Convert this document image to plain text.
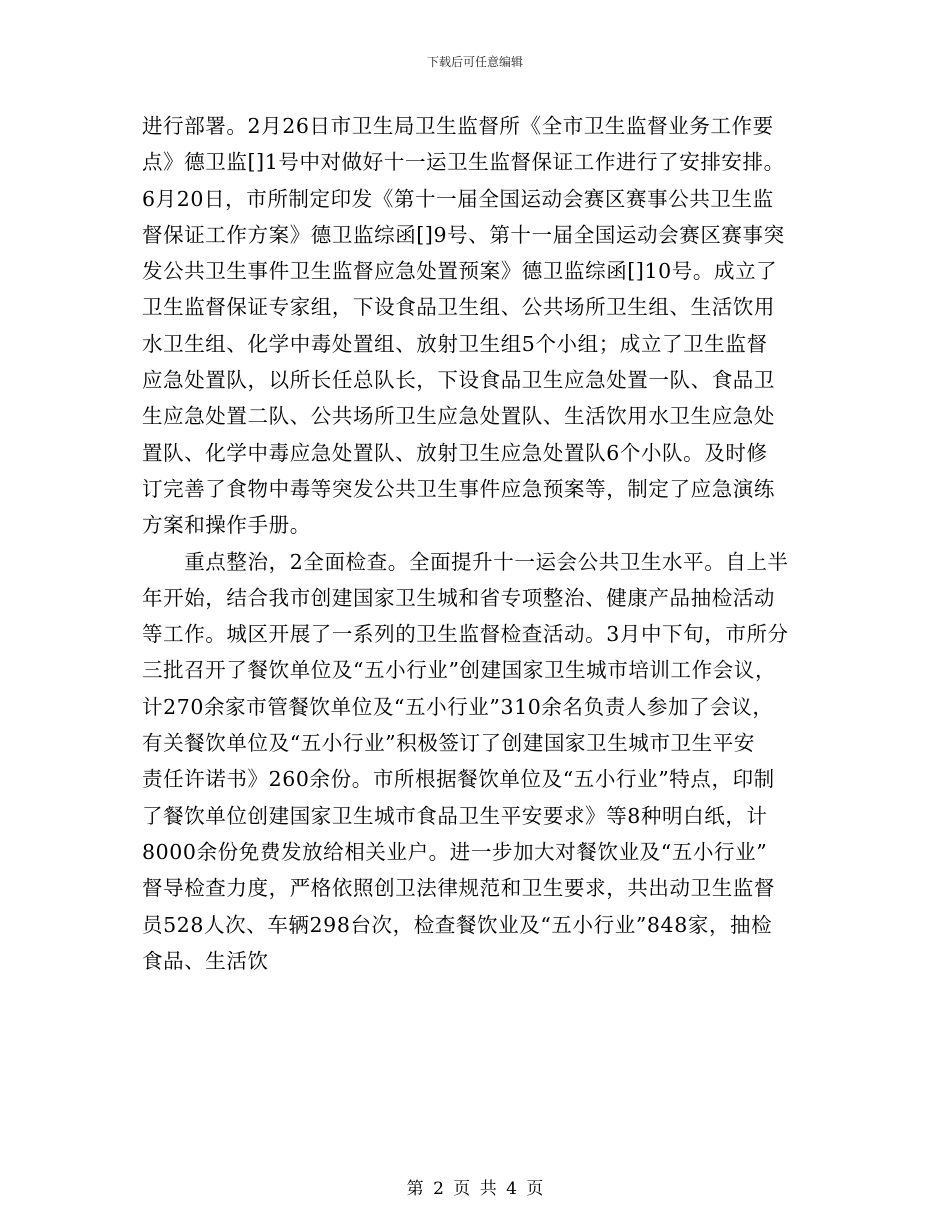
下载后可任意编辑
进行部署。2月26日市卫生局卫生监督所《全市卫生监督业务工作要
点》德卫监[]1号中对做好十一运卫生监督保证工作进行了安排安排。
6月20日，市所制定印发《第十一届全国运动会赛区赛事公共卫生监
督保证工作方案》德卫监综函[]9号、第十一届全国运动会赛区赛事突
发公共卫生事件卫生监督应急处置预案》德卫监综函[]10号。成立了
卫生监督保证专家组，下设食品卫生组、公共场所卫生组、生活饮用
水卫生组、化学中毒处置组、放射卫生组5个小组；成立了卫生监督
应急处置队，以所长任总队长，下设食品卫生应急处置一队、食品卫
生应急处置二队、公共场所卫生应急处置队、生活饮用水卫生应急处
置队、化学中毒应急处置队、放射卫生应急处置队6个小队。及时修
订完善了食物中毒等突发公共卫生事件应急预案等，制定了应急演练
方案和操作手册。
　　重点整治，2全面检查。全面提升十一运会公共卫生水平。自上半
年开始，结合我市创建国家卫生城和省专项整治、健康产品抽检活动
等工作。城区开展了一系列的卫生监督检查活动。3月中下旬，市所分
三批召开了餐饮单位及“五小行业”创建国家卫生城市培训工作会议，
计270余家市管餐饮单位及“五小行业”310余名负责人参加了会议，
有关餐饮单位及“五小行业”积极签订了创建国家卫生城市卫生平安
责任许诺书》260余份。市所根据餐饮单位及“五小行业”特点，印制
了餐饮单位创建国家卫生城市食品卫生平安要求》等8种明白纸，计
8000余份免费发放给相关业户。进一步加大对餐饮业及“五小行业”
督导检查力度，严格依照创卫法律规范和卫生要求，共出动卫生监督
员528人次、车辆298台次，检查餐饮业及“五小行业”848家，抽检
食品、生活饮
第 2 页 共 4 页
